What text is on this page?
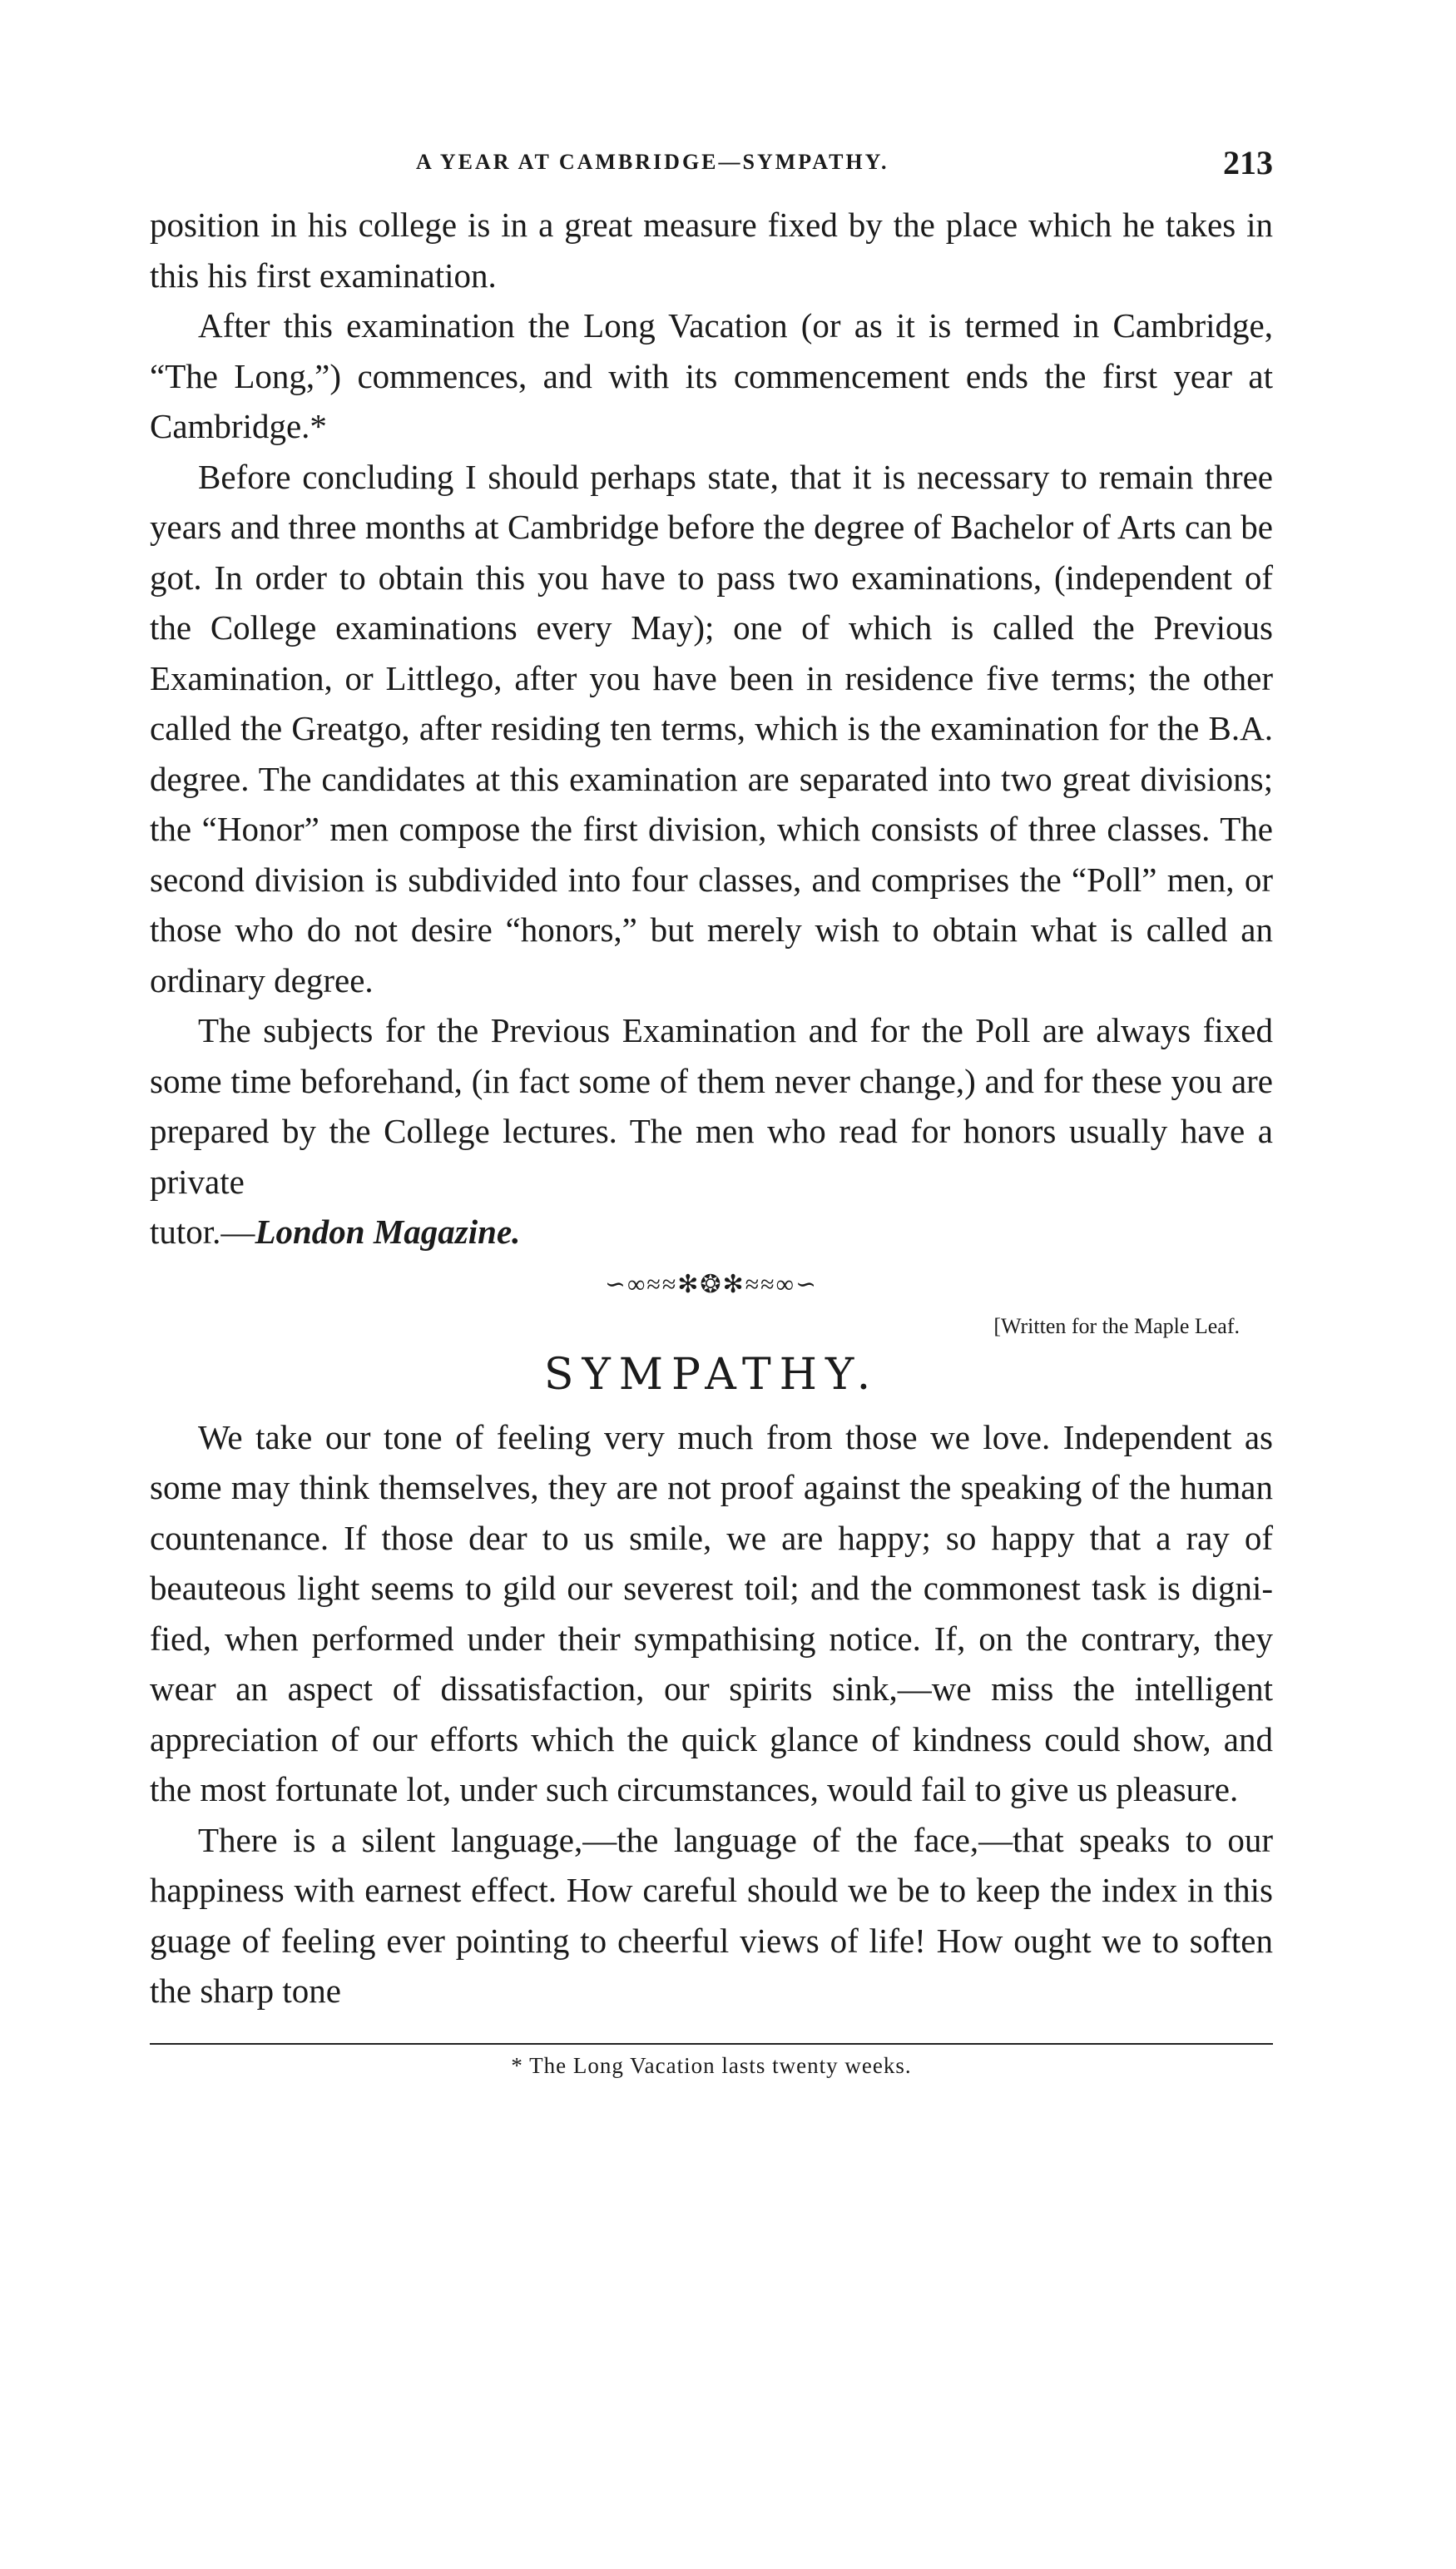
A YEAR AT CAMBRIDGE—SYMPATHY.	213

position in his college is in a great measure fixed by the place which he takes in this his first examination.

After this examination the Long Vacation (or as it is termed in Cambridge, “The Long,”) commences, and with its commencement ends the first year at Cambridge.*

Before concluding I should perhaps state, that it is necessary to remain three years and three months at Cambridge before the degree of Bachelor of Arts can be got. In order to obtain this you have to pass two examinations, (independent of the College examinations every May); one of which is called the Previous Examination, or Littlego, after you have been in residence five terms; the other called the Greatgo, after residing ten terms, which is the examination for the B.A. degree. The candidates at this examination are separated into two great divisions; the “Honor” men compose the first division, which consists of three classes. The second division is subdivided into four classes, and comprises the “Poll” men, or those who do not desire “honors,” but merely wish to obtain what is called an ordinary degree.

The subjects for the Previous Examination and for the Poll are always fixed some time beforehand, (in fact some of them never change,) and for these you are prepared by the College lectures. The men who read for honors usually have a private

tutor.—London Magazine.

∽∞≈≈✻❂✻≈≈∞∽
[Written for the Maple Leaf.
SYMPATHY.

We take our tone of feeling very much from those we love. Independent as some may think themselves, they are not proof against the speaking of the human countenance. If those dear to us smile, we are happy; so happy that a ray of beauteous light seems to gild our severest toil; and the commonest task is dignified, when performed under their sympathising notice. If, on the contrary, they wear an aspect of dissatisfaction, our spirits sink,—we miss the intelligent appreciation of our efforts which the quick glance of kindness could show, and the most fortunate lot, under such circumstances, would fail to give us pleasure.

There is a silent language,—the language of the face,—that speaks to our happiness with earnest effect. How careful should we be to keep the index in this guage of feeling ever pointing to cheerful views of life! How ought we to soften the sharp tone

* The Long Vacation lasts twenty weeks.
